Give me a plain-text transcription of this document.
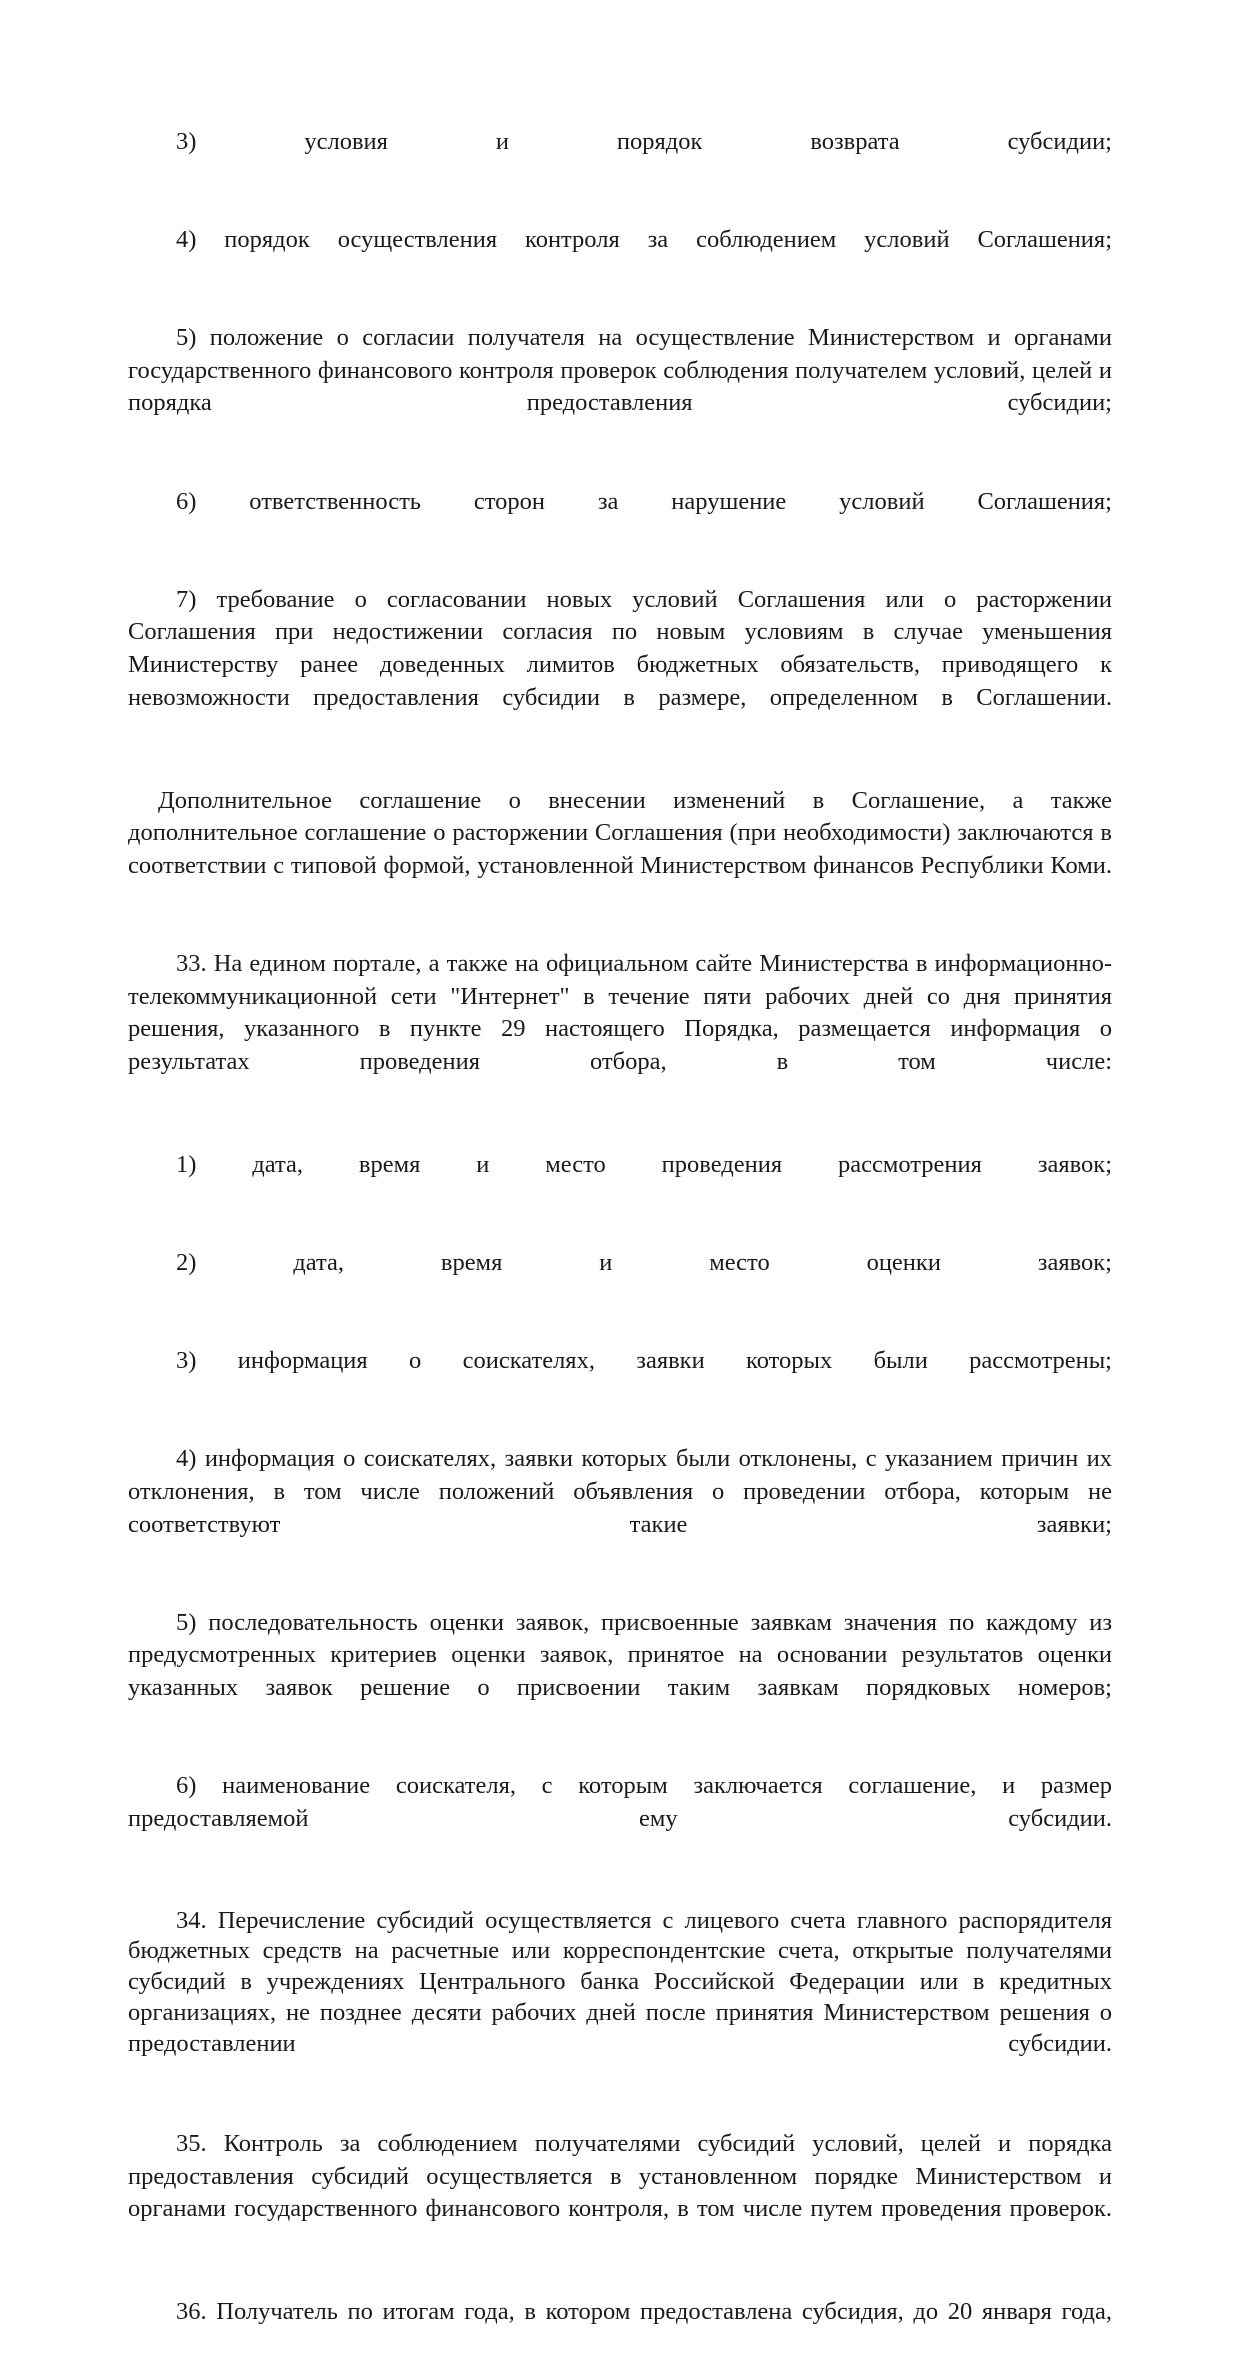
3) условия и порядок возврата субсидии;

4) порядок осуществления контроля за соблюдением условий Соглашения;

5) положение о согласии получателя на осуществление Министерством и органами государственного финансового контроля проверок соблюдения получателем условий, целей и порядка предоставления субсидии;

6) ответственность сторон за нарушение условий Соглашения;

7) требование о согласовании новых условий Соглашения или о расторжении Соглашения при недостижении согласия по новым условиям в случае уменьшения Министерству ранее доведенных лимитов бюджетных обязательств, приводящего к невозможности предоставления субсидии в размере, определенном в Соглашении.

Дополнительное соглашение о внесении изменений в Соглашение, а также дополнительное соглашение о расторжении Соглашения (при необходимости) заключаются в соответствии с типовой формой, установленной Министерством финансов Республики Коми.

33. На едином портале, а также на официальном сайте Министерства в информационно-телекоммуникационной сети "Интернет" в течение пяти рабочих дней со дня принятия решения, указанного в пункте 29 настоящего Порядка, размещается информация о результатах проведения отбора, в том числе:

1) дата, время и место проведения рассмотрения заявок;

2) дата, время и место оценки заявок;

3) информация о соискателях, заявки которых были рассмотрены;

4) информация о соискателях, заявки которых были отклонены, с указанием причин их отклонения, в том числе положений объявления о проведении отбора, которым не соответствуют такие заявки;

5) последовательность оценки заявок, присвоенные заявкам значения по каждому из предусмотренных критериев оценки заявок, принятое на основании результатов оценки указанных заявок решение о присвоении таким заявкам порядковых номеров;

6) наименование соискателя, с которым заключается соглашение, и размер предоставляемой ему субсидии.

34. Перечисление субсидий осуществляется с лицевого счета главного распорядителя бюджетных средств на расчетные или корреспондентские счета, открытые получателями субсидий в учреждениях Центрального банка Российской Федерации или в кредитных организациях, не позднее десяти рабочих дней после принятия Министерством решения о предоставлении субсидии.

35. Контроль за соблюдением получателями субсидий условий, целей и порядка предоставления субсидий осуществляется в установленном порядке Министерством и органами государственного финансового контроля, в том числе путем проведения проверок.

36. Получатель по итогам года, в котором предоставлена субсидия, до 20 января года,
